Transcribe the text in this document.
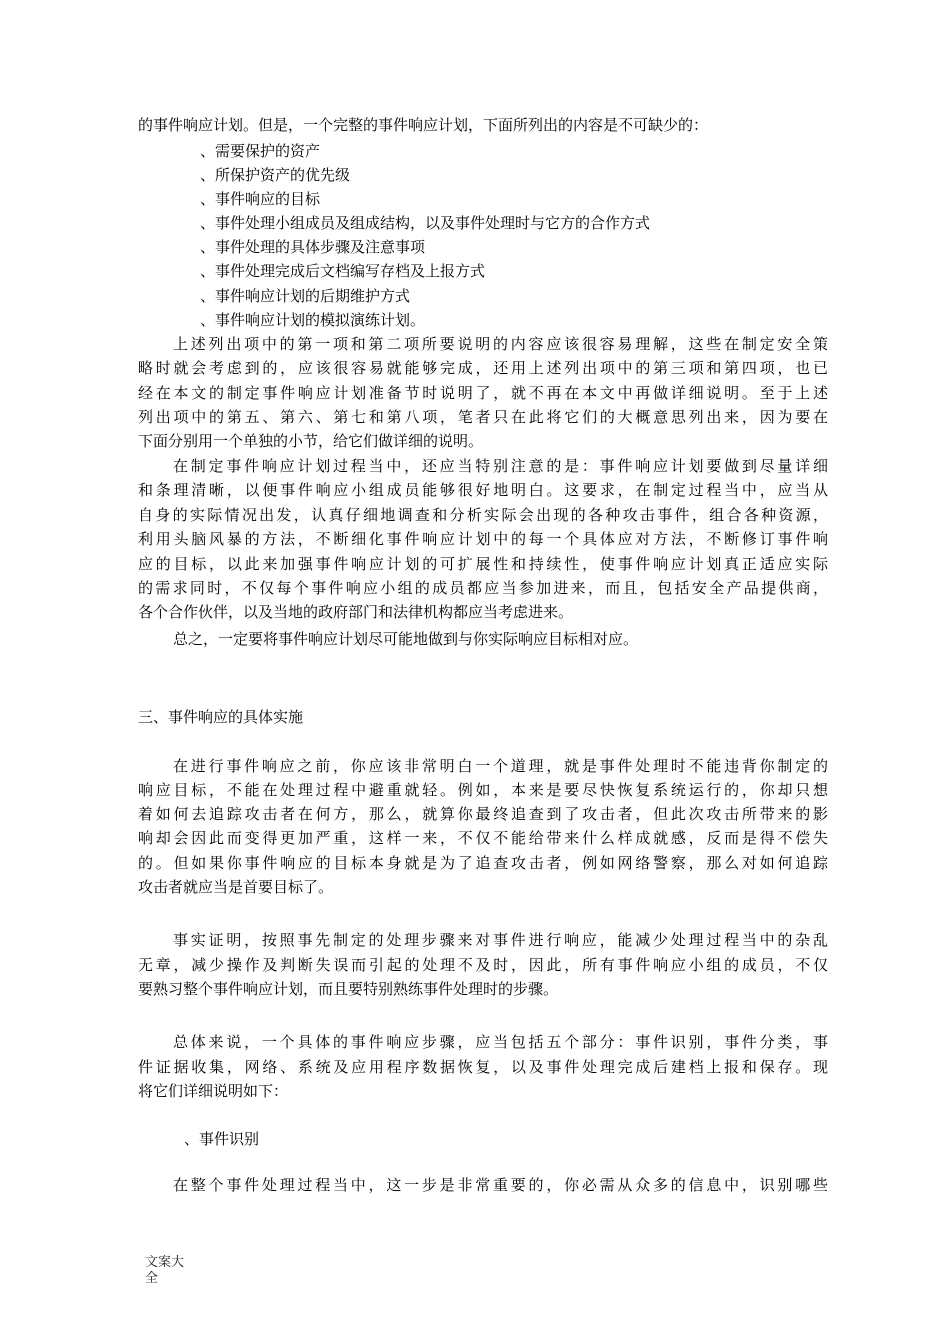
的事件响应计划。但是，一个完整的事件响应计划，下面所列出的内容是不可缺少的：
、需要保护的资产
、所保护资产的优先级
、事件响应的目标
、事件处理小组成员及组成结构，以及事件处理时与它方的合作方式
、事件处理的具体步骤及注意事项
、事件处理完成后文档编写存档及上报方式
、事件响应计划的后期维护方式
、事件响应计划的模拟演练计划。
上述列出项中的第一项和第二项所要说明的内容应该很容易理解，这些在制定安全策
略时就会考虑到的，应该很容易就能够完成，还用上述列出项中的第三项和第四项，也已
经在本文的制定事件响应计划准备节时说明了，就不再在本文中再做详细说明。至于上述
列出项中的第五、第六、第七和第八项，笔者只在此将它们的大概意思列出来，因为要在
下面分别用一个单独的小节，给它们做详细的说明。
在制定事件响应计划过程当中，还应当特别注意的是：事件响应计划要做到尽量详细
和条理清晰，以便事件响应小组成员能够很好地明白。这要求，在制定过程当中，应当从
自身的实际情况出发，认真仔细地调查和分析实际会出现的各种攻击事件，组合各种资源，
利用头脑风暴的方法，不断细化事件响应计划中的每一个具体应对方法，不断修订事件响
应的目标，以此来加强事件响应计划的可扩展性和持续性，使事件响应计划真正适应实际
的需求同时，不仅每个事件响应小组的成员都应当参加进来，而且，包括安全产品提供商，
各个合作伙伴，以及当地的政府部门和法律机构都应当考虑进来。
总之，一定要将事件响应计划尽可能地做到与你实际响应目标相对应。
三、事件响应的具体实施
在进行事件响应之前，你应该非常明白一个道理，就是事件处理时不能违背你制定的
响应目标，不能在处理过程中避重就轻。例如，本来是要尽快恢复系统运行的，你却只想
着如何去追踪攻击者在何方，那么，就算你最终追查到了攻击者，但此次攻击所带来的影
响却会因此而变得更加严重，这样一来，不仅不能给带来什么样成就感，反而是得不偿失
的。但如果你事件响应的目标本身就是为了追查攻击者，例如网络警察，那么对如何追踪
攻击者就应当是首要目标了。
事实证明，按照事先制定的处理步骤来对事件进行响应，能减少处理过程当中的杂乱
无章，减少操作及判断失误而引起的处理不及时，因此，所有事件响应小组的成员，不仅
要熟习整个事件响应计划，而且要特别熟练事件处理时的步骤。
总体来说，一个具体的事件响应步骤，应当包括五个部分：事件识别，事件分类，事
件证据收集，网络、系统及应用程序数据恢复，以及事件处理完成后建档上报和保存。现
将它们详细说明如下：
、事件识别
在整个事件处理过程当中，这一步是非常重要的，你必需从众多的信息中，识别哪些
文案大全
